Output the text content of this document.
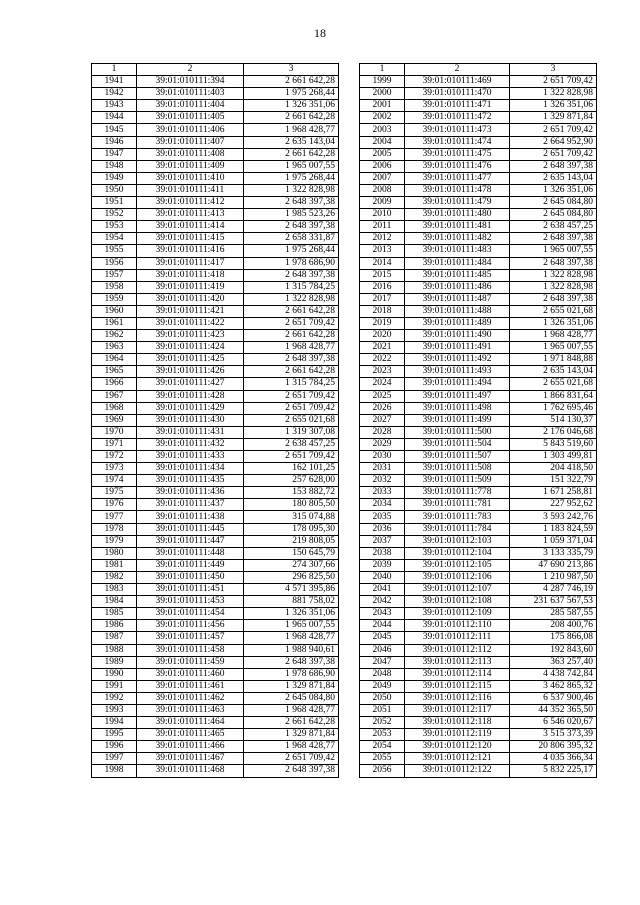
18
1	2	3
1941	39:01:010111:394	2 661 642,28
1942	39:01:010111:403	1 975 268,44
1943	39:01:010111:404	1 326 351,06
1944	39:01:010111:405	2 661 642,28
1945	39:01:010111:406	1 968 428,77
1946	39:01:010111:407	2 635 143,04
1947	39:01:010111:408	2 661 642,28
1948	39:01:010111:409	1 965 007,55
1949	39:01:010111:410	1 975 268,44
1950	39:01:010111:411	1 322 828,98
1951	39:01:010111:412	2 648 397,38
1952	39:01:010111:413	1 985 523,26
1953	39:01:010111:414	2 648 397,38
1954	39:01:010111:415	2 658 331,87
1955	39:01:010111:416	1 975 268,44
1956	39:01:010111:417	1 978 686,90
1957	39:01:010111:418	2 648 397,38
1958	39:01:010111:419	1 315 784,25
1959	39:01:010111:420	1 322 828,98
1960	39:01:010111:421	2 661 642,28
1961	39:01:010111:422	2 651 709,42
1962	39:01:010111:423	2 661 642,28
1963	39:01:010111:424	1 968 428,77
1964	39:01:010111:425	2 648 397,38
1965	39:01:010111:426	2 661 642,28
1966	39:01:010111:427	1 315 784,25
1967	39:01:010111:428	2 651 709,42
1968	39:01:010111:429	2 651 709,42
1969	39:01:010111:430	2 655 021,68
1970	39:01:010111:431	1 319 307,08
1971	39:01:010111:432	2 638 457,25
1972	39:01:010111:433	2 651 709,42
1973	39:01:010111:434	162 101,25
1974	39:01:010111:435	257 628,00
1975	39:01:010111:436	153 882,72
1976	39:01:010111:437	180 805,50
1977	39:01:010111:438	315 074,88
1978	39:01:010111:445	178 095,30
1979	39:01:010111:447	219 808,05
1980	39:01:010111:448	150 645,79
1981	39:01:010111:449	274 307,66
1982	39:01:010111:450	296 825,50
1983	39:01:010111:451	4 571 395,86
1984	39:01:010111:453	881 758,02
1985	39:01:010111:454	1 326 351,06
1986	39:01:010111:456	1 965 007,55
1987	39:01:010111:457	1 968 428,77
1988	39:01:010111:458	1 988 940,61
1989	39:01:010111:459	2 648 397,38
1990	39:01:010111:460	1 978 686,90
1991	39:01:010111:461	1 329 871,84
1992	39:01:010111:462	2 645 084,80
1993	39:01:010111:463	1 968 428,77
1994	39:01:010111:464	2 661 642,28
1995	39:01:010111:465	1 329 871,84
1996	39:01:010111:466	1 968 428,77
1997	39:01:010111:467	2 651 709,42
1998	39:01:010111:468	2 648 397,38
1	2	3
1999	39:01:010111:469	2 651 709,42
2000	39:01:010111:470	1 322 828,98
2001	39:01:010111:471	1 326 351,06
2002	39:01:010111:472	1 329 871,84
2003	39:01:010111:473	2 651 709,42
2004	39:01:010111:474	2 664 952,90
2005	39:01:010111:475	2 651 709,42
2006	39:01:010111:476	2 648 397,38
2007	39:01:010111:477	2 635 143,04
2008	39:01:010111:478	1 326 351,06
2009	39:01:010111:479	2 645 084,80
2010	39:01:010111:480	2 645 084,80
2011	39:01:010111:481	2 638 457,25
2012	39:01:010111:482	2 648 397,38
2013	39:01:010111:483	1 965 007,55
2014	39:01:010111:484	2 648 397,38
2015	39:01:010111:485	1 322 828,98
2016	39:01:010111:486	1 322 828,98
2017	39:01:010111:487	2 648 397,38
2018	39:01:010111:488	2 655 021,68
2019	39:01:010111:489	1 326 351,06
2020	39:01:010111:490	1 968 428,77
2021	39:01:010111:491	1 965 007,55
2022	39:01:010111:492	1 971 848,88
2023	39:01:010111:493	2 635 143,04
2024	39:01:010111:494	2 655 021,68
2025	39:01:010111:497	1 866 831,64
2026	39:01:010111:498	1 762 695,46
2027	39:01:010111:499	514 130,37
2028	39:01:010111:500	2 176 046,68
2029	39:01:010111:504	5 843 519,60
2030	39:01:010111:507	1 303 499,81
2031	39:01:010111:508	204 418,50
2032	39:01:010111:509	151 322,79
2033	39:01:010111:778	1 671 258,81
2034	39:01:010111:781	227 952,62
2035	39:01:010111:783	3 593 242,76
2036	39:01:010111:784	1 183 824,59
2037	39:01:010112:103	1 059 371,04
2038	39:01:010112:104	3 133 335,79
2039	39:01:010112:105	47 690 213,86
2040	39:01:010112:106	1 210 987,50
2041	39:01:010112:107	4 287 746,19
2042	39:01:010112:108	231 637 567,53
2043	39:01:010112:109	285 587,55
2044	39:01:010112:110	208 400,76
2045	39:01:010112:111	175 866,08
2046	39:01:010112:112	192 843,60
2047	39:01:010112:113	363 257,40
2048	39:01:010112:114	4 438 742,84
2049	39:01:010112:115	3 462 865,32
2050	39:01:010112:116	6 537 900,46
2051	39:01:010112:117	44 352 365,50
2052	39:01:010112:118	6 546 020,67
2053	39:01:010112:119	3 515 373,39
2054	39:01:010112:120	20 806 395,32
2055	39:01:010112:121	4 035 366,34
2056	39:01:010112:122	5 832 225,17
